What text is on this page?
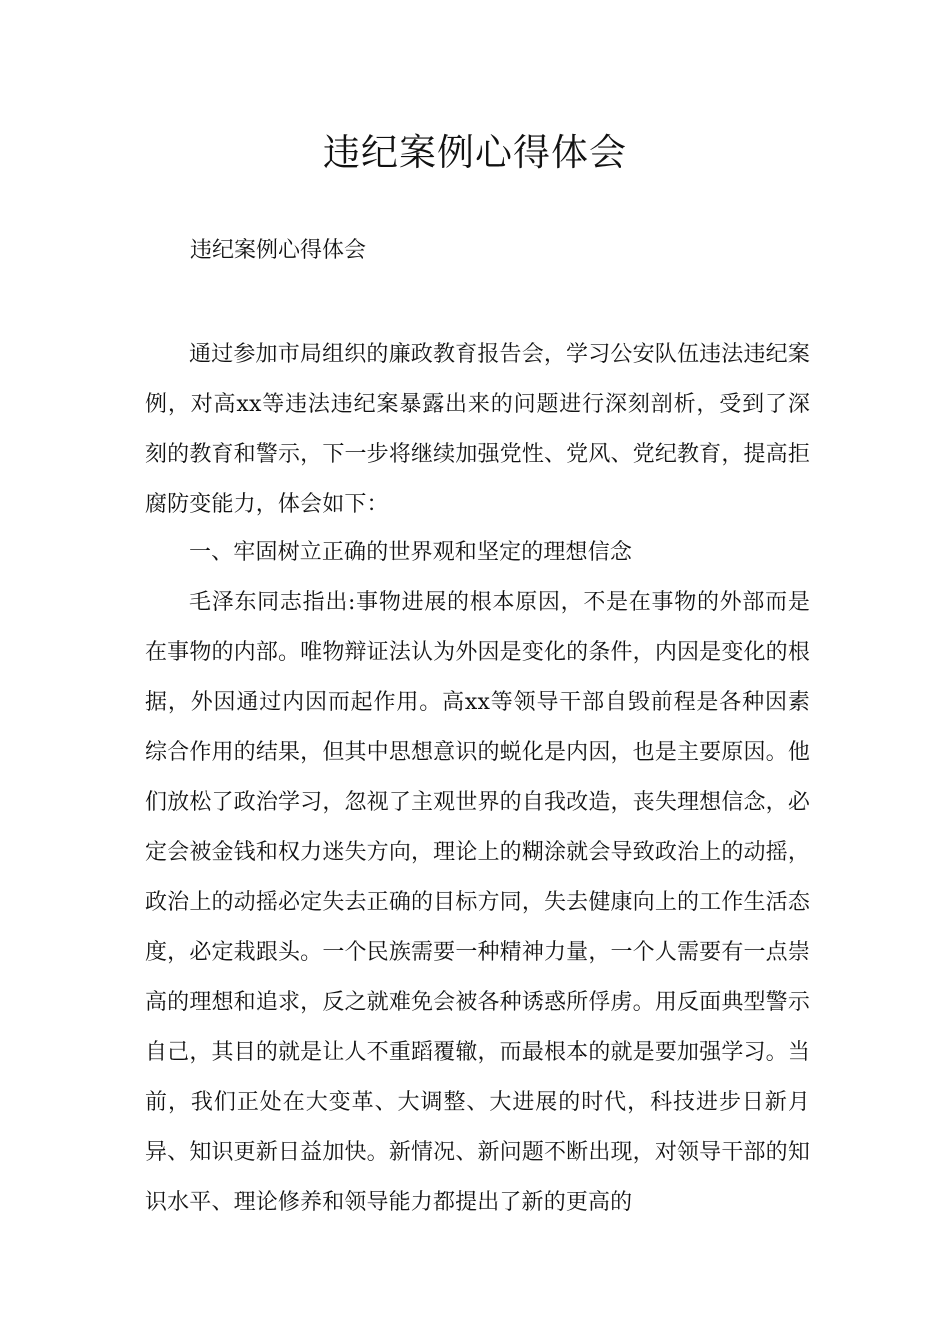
违纪案例心得体会

违纪案例心得体会

通过参加市局组织的廉政教育报告会，学习公安队伍违法违纪案例，对高xx等违法违纪案暴露出来的问题进行深刻剖析，受到了深刻的教育和警示，下一步将继续加强党性、党风、党纪教育，提高拒腐防变能力，体会如下：

一、牢固树立正确的世界观和坚定的理想信念

毛泽东同志指出:事物进展的根本原因，不是在事物的外部而是在事物的内部。唯物辩证法认为外因是变化的条件，内因是变化的根据，外因通过内因而起作用。高xx等领导干部自毁前程是各种因素综合作用的结果，但其中思想意识的蜕化是内因，也是主要原因。他们放松了政治学习，忽视了主观世界的自我改造，丧失理想信念，必定会被金钱和权力迷失方向，理论上的糊涂就会导致政治上的动摇，政治上的动摇必定失去正确的目标方同，失去健康向上的工作生活态度，必定栽跟头。一个民族需要一种精神力量，一个人需要有一点崇高的理想和追求，反之就难免会被各种诱惑所俘虏。用反面典型警示自己，其目的就是让人不重蹈覆辙，而最根本的就是要加强学习。当前，我们正处在大变革、大调整、大进展的时代，科技进步日新月异、知识更新日益加快。新情况、新问题不断出现，对领导干部的知识水平、理论修养和领导能力都提出了新的更高的
